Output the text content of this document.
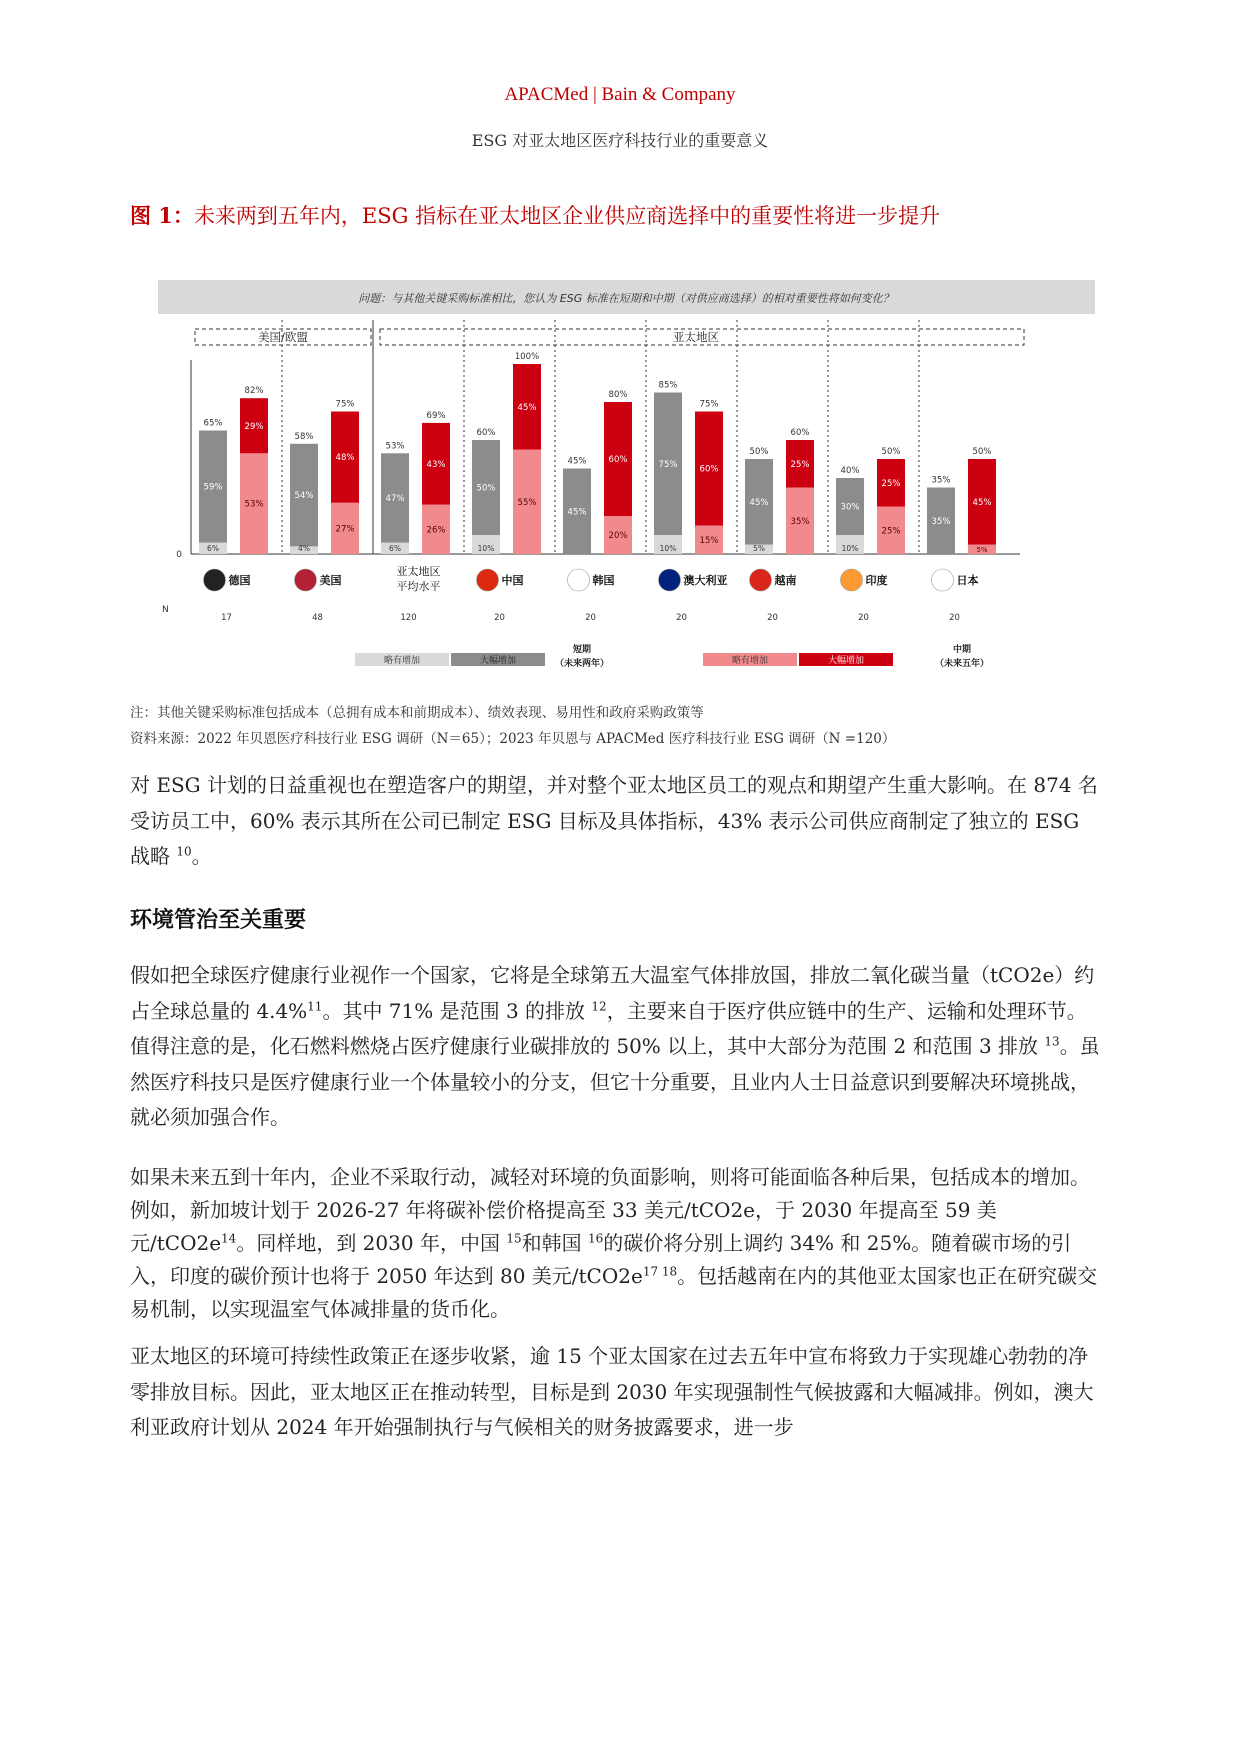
APACMed | Bain & Company
ESG 对亚太地区医疗科技行业的重要意义
图 1：未来两到五年内，ESG 指标在亚太地区企业供应商选择中的重要性将进一步提升
问题：与其他关键采购标准相比，您认为 ESG 标准在短期和中期（对供应商选择）的相对重要性将如何变化？
美国/欧盟	亚太地区
0
N
6%
59%
65%
53%
29%
82%
4%
54%
58%
27%
48%
75%
6%
47%
53%
26%
43%
69%
10%
50%
60%
55%
45%
100%
45%
45%
20%
60%
80%
10%
75%
85%
15%
60%
75%
5%
45%
50%
35%
25%
60%
10%
30%
40%
25%
25%
50%
35%
35%
5%
45%
50%
德国
17
美国
48
亚太地区
平均水平
120
中国
20
韩国
20
澳大利亚
20
越南
20
印度
20
日本
20
略有增加	大幅增加
短期
（未来两年）	略有增加	大幅增加
中期
（未来五年）
注：其他关键采购标准包括成本（总拥有成本和前期成本）、绩效表现、易用性和政府采购政策等
资料来源：2022 年贝恩医疗科技行业 ESG 调研（N＝65）；2023 年贝恩与 APACMed 医疗科技行业 ESG 调研（N =120）
对 ESG 计划的日益重视也在塑造客户的期望，并对整个亚太地区员工的观点和期望产生重大影响。在 874 名受访员工中，60% 表示其所在公司已制定 ESG 目标及具体指标，43% 表示公司供应商制定了独立的 ESG 战略 $^{10}$。
环境管治至关重要
假如把全球医疗健康行业视作一个国家，它将是全球第五大温室气体排放国，排放二氧化碳当量（tCO2e）约占全球总量的 4.4%$^{11}$。其中 71% 是范围 3 的排放 $^{12}$，主要来自于医疗供应链中的生产、运输和处理环节。值得注意的是，化石燃料燃烧占医疗健康行业碳排放的 50% 以上，其中大部分为范围 2 和范围 3 排放 $^{13}$。虽然医疗科技只是医疗健康行业一个体量较小的分支，但它十分重要，且业内人士日益意识到要解决环境挑战，就必须加强合作。
如果未来五到十年内，企业不采取行动，减轻对环境的负面影响，则将可能面临各种后果，包括成本的增加。例如，新加坡计划于 2026-27 年将碳补偿价格提高至 33 美元/tCO2e，于 2030 年提高至 59 美元$/tCO2e^{14}$。同样地，到 2030 年，中国 $^{15}$和韩国 $^{16}$的碳价将分别上调约 34% 和 25%。随着碳市场的引入，印度的碳价预计也将于 2050 年达到 80 美元$/tCO2e^{17 18}$。包括越南在内的其他亚太国家也正在研究碳交易机制，以实现温室气体减排量的货币化。
亚太地区的环境可持续性政策正在逐步收紧，逾 15 个亚太国家在过去五年中宣布将致力于实现雄心勃勃的净零排放目标。因此，亚太地区正在推动转型，目标是到 2030 年实现强制性气候披露和大幅减排。例如，澳大利亚政府计划从 2024 年开始强制执行与气候相关的财务披露要求，进一步
